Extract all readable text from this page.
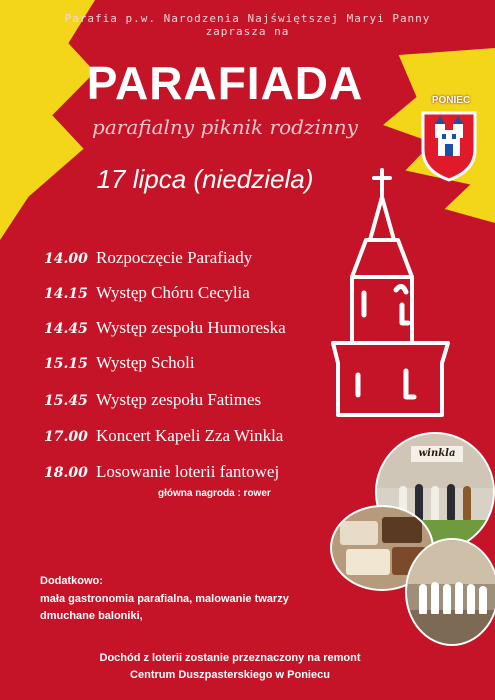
Parafia p.w. Narodzenia Najświętszej Maryi Panny
zaprasza na
PARAFIADA
parafialny piknik rodzinny
17 lipca (niedziela)
PONIEC
14.00 Rozpoczęcie Parafiady
14.15 Występ Chóru Cecylia
14.45 Występ zespołu Humoreska
15.15 Występ Scholi
15.45 Występ zespołu Fatimes
17.00 Koncert Kapeli Zza Winkla
18.00 Losowanie loterii fantowej
główna nagroda : rower
Dodatkowo:
mała gastronomia parafialna, malowanie twarzy
dmuchane baloniki,
Dochód z loterii zostanie przeznaczony na remont
Centrum Duszpasterskiego w Poniecu
winkla
